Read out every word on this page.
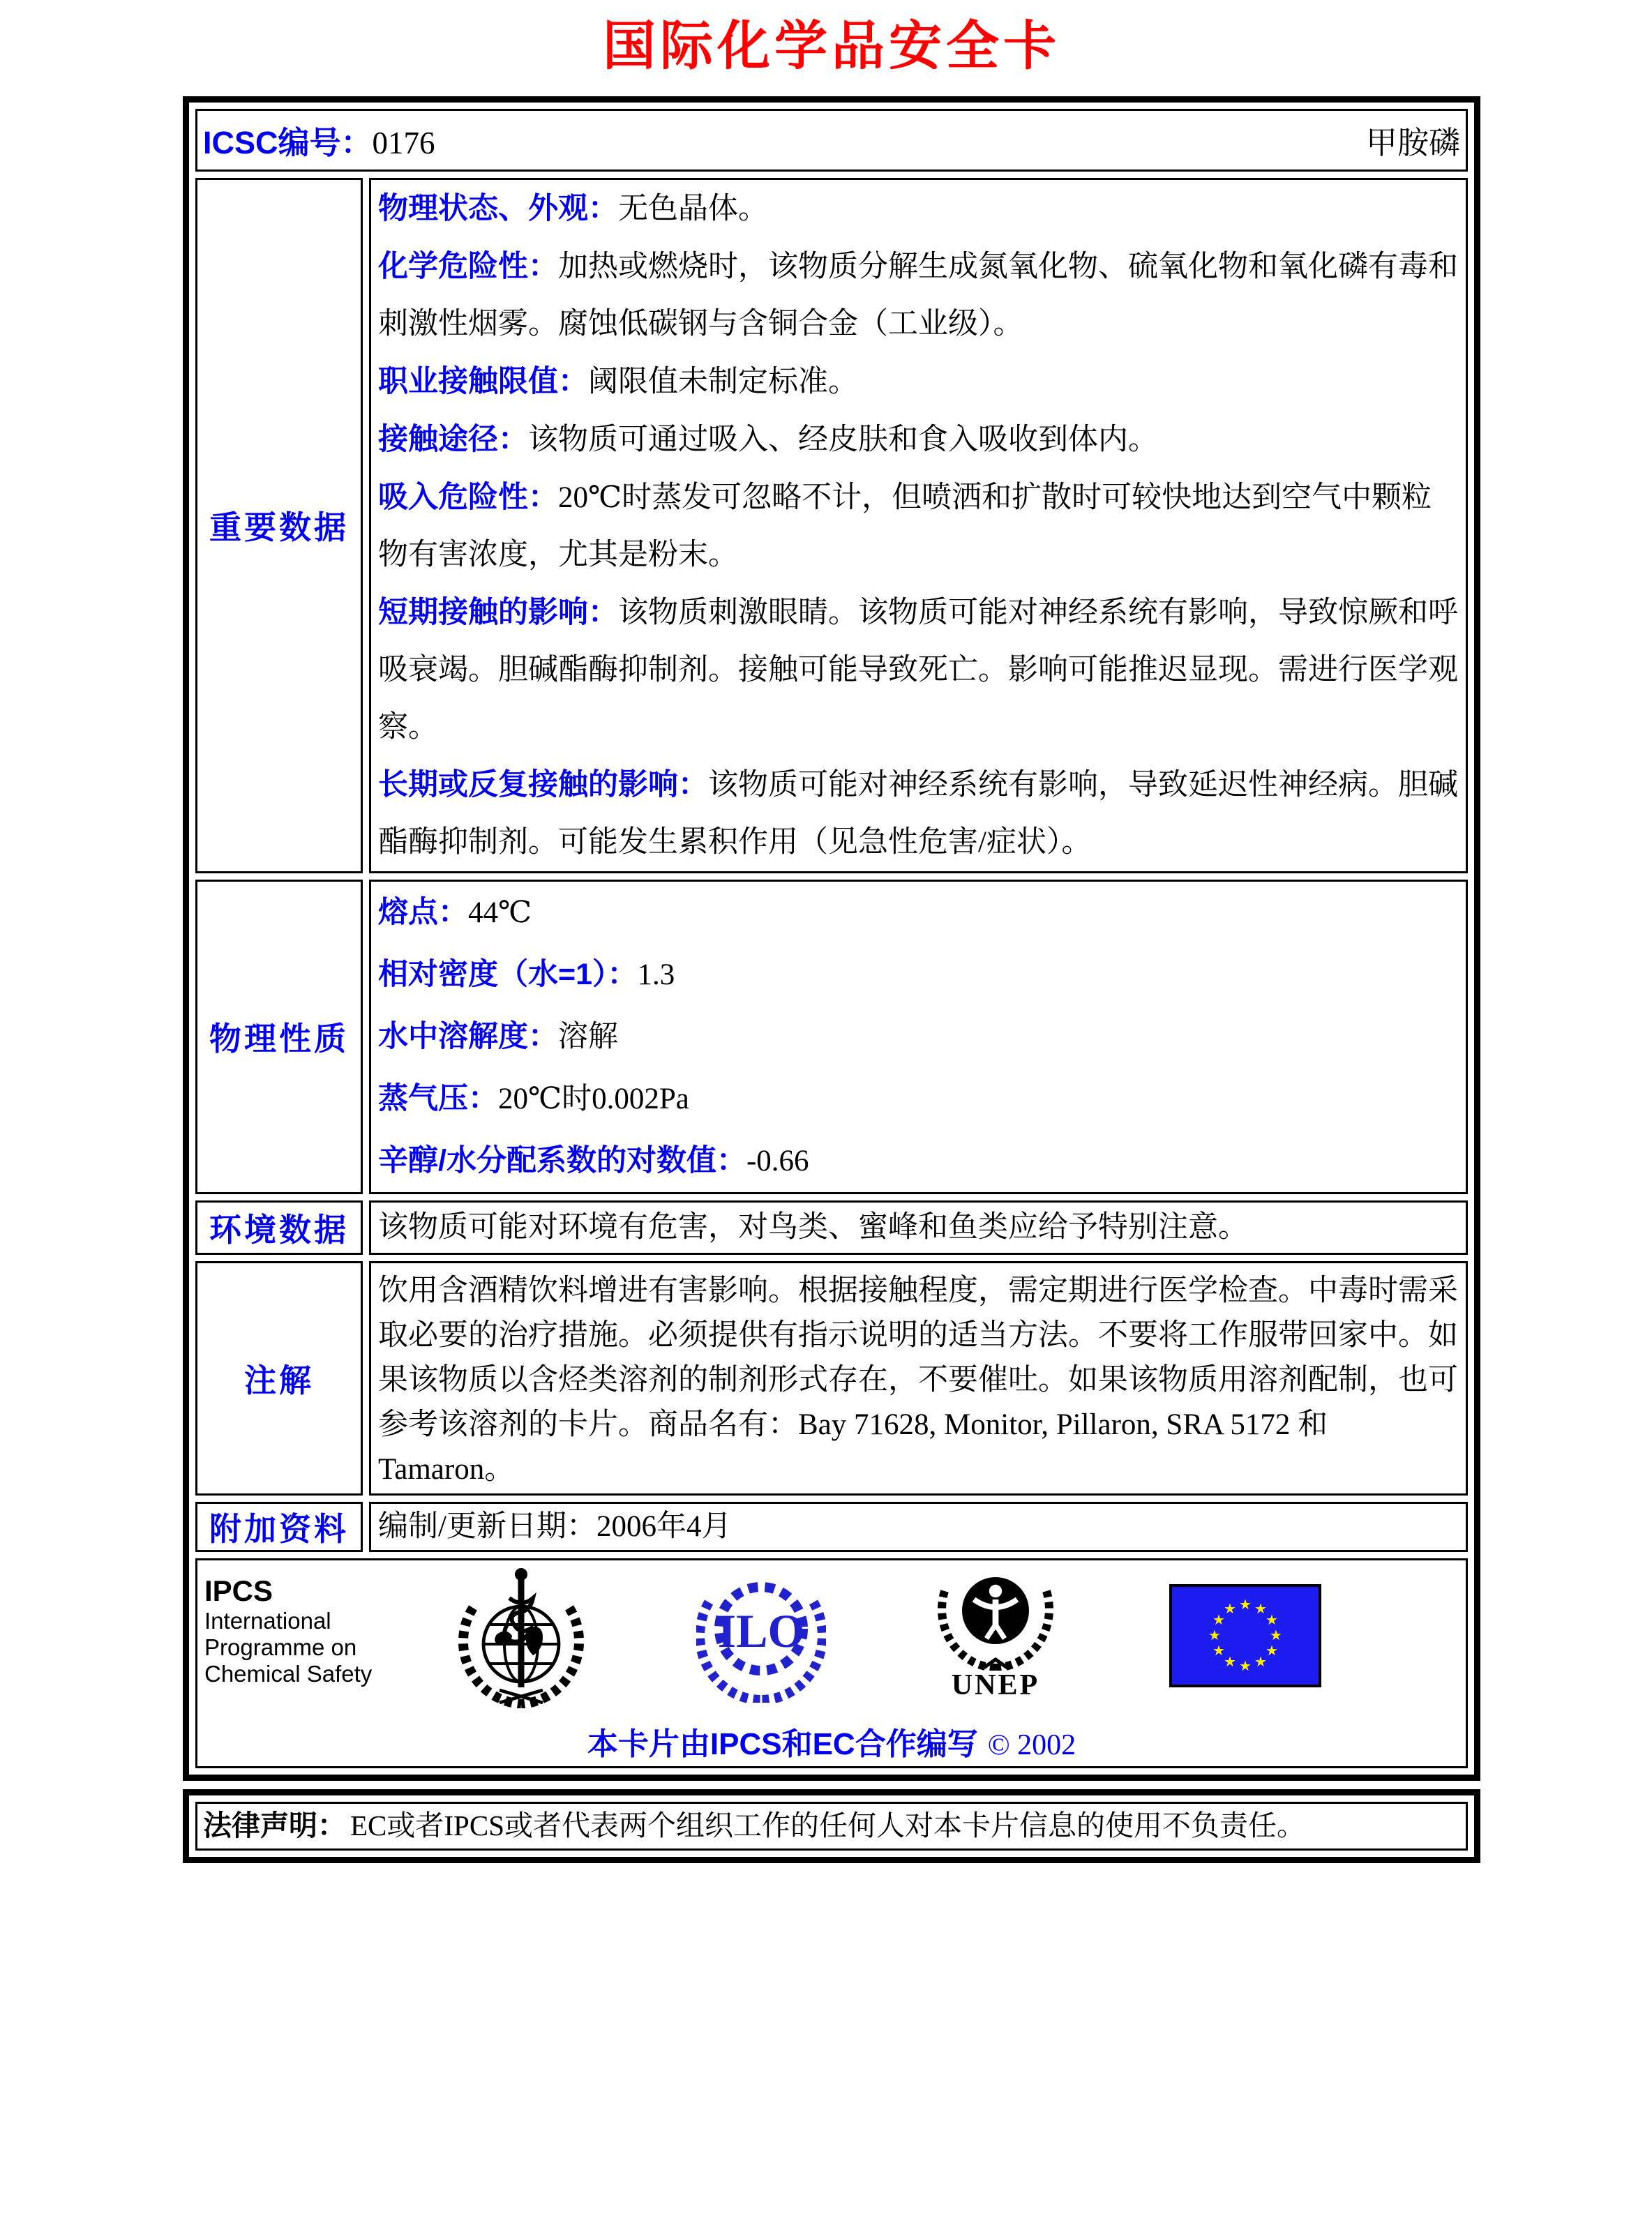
国际化学品安全卡
ICSC编号：0176 甲胺磷	

重要数据	
物理状态、外观：无色晶体。
化学危险性：加热或燃烧时，该物质分解生成氮氧化物、硫氧化物和氧化磷有毒和刺激性烟雾。腐蚀低碳钢与含铜合金（工业级）。
职业接触限值：阈限值未制定标准。
接触途径：该物质可通过吸入、经皮肤和食入吸收到体内。
吸入危险性：20℃时蒸发可忽略不计，但喷洒和扩散时可较快地达到空气中颗粒物有害浓度，尤其是粉末。
短期接触的影响：该物质刺激眼睛。该物质可能对神经系统有影响，导致惊厥和呼吸衰竭。胆碱酯酶抑制剂。接触可能导致死亡。影响可能推迟显现。需进行医学观察。
长期或反复接触的影响：该物质可能对神经系统有影响，导致延迟性神经病。胆碱酯酶抑制剂。可能发生累积作用（见急性危害/症状）。

物理性质	熔点：44℃
相对密度（水=1）：1.3
水中溶解度：溶解
蒸气压：20℃时0.002Pa
辛醇/水分配系数的对数值：-0.66

环境数据	该物质可能对环境有危害，对鸟类、蜜峰和鱼类应给予特别注意。

注解	饮用含酒精饮料增进有害影响。根据接触程度，需定期进行医学检查。中毒时需采取必要的治疗措施。必须提供有指示说明的适当方法。不要将工作服带回家中。如果该物质以含烃类溶剂的制剂形式存在，不要催吐。如果该物质用溶剂配制，也可参考该溶剂的卡片。商品名有：Bay 71628, Monitor, Pillaron, SRA 5172 和 Tamaron。

附加资料	编制/更新日期：2006年4月

IPCS
International
Programme on
Chemical Safety
ILO
UNEP
★ ★
★
★
★
★
★
★
★
★
★
★
本卡片由IPCS和EC合作编写 © 2002
法律声明： EC或者IPCS或者代表两个组织工作的任何人对本卡片信息的使用不负责任。
